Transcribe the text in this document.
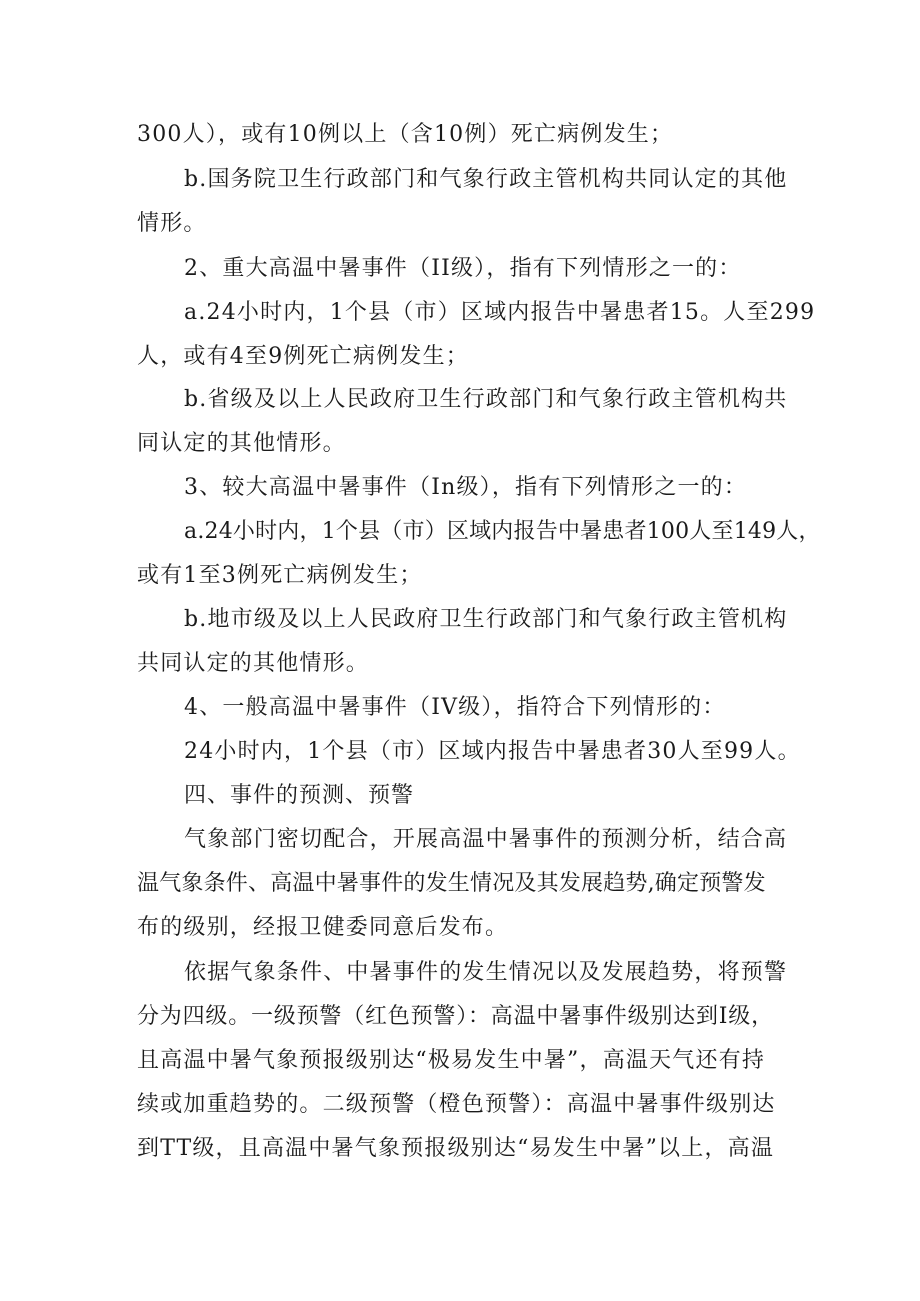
300人），或有10例以上（含10例）死亡病例发生；
b.国务院卫生行政部门和气象行政主管机构共同认定的其他
情形。
2、重大高温中暑事件（II级），指有下列情形之一的：
a.24小时内，1个县（市）区域内报告中暑患者15。人至299
人，或有4至9例死亡病例发生；
b.省级及以上人民政府卫生行政部门和气象行政主管机构共
同认定的其他情形。
3、较大高温中暑事件（In级），指有下列情形之一的：
a.24小时内，1个县（市）区域内报告中暑患者100人至149人，
或有1至3例死亡病例发生；
b.地市级及以上人民政府卫生行政部门和气象行政主管机构
共同认定的其他情形。
4、一般高温中暑事件（IV级），指符合下列情形的：
24小时内，1个县（市）区域内报告中暑患者30人至99人。
四、事件的预测、预警
气象部门密切配合，开展高温中暑事件的预测分析，结合高
温气象条件、高温中暑事件的发生情况及其发展趋势,确定预警发
布的级别，经报卫健委同意后发布。
依据气象条件、中暑事件的发生情况以及发展趋势，将预警
分为四级。一级预警（红色预警）：高温中暑事件级别达到I级，
且高温中暑气象预报级别达“极易发生中暑”，高温天气还有持
续或加重趋势的。二级预警（橙色预警）：高温中暑事件级别达
到TT级，且高温中暑气象预报级别达“易发生中暑”以上，高温
